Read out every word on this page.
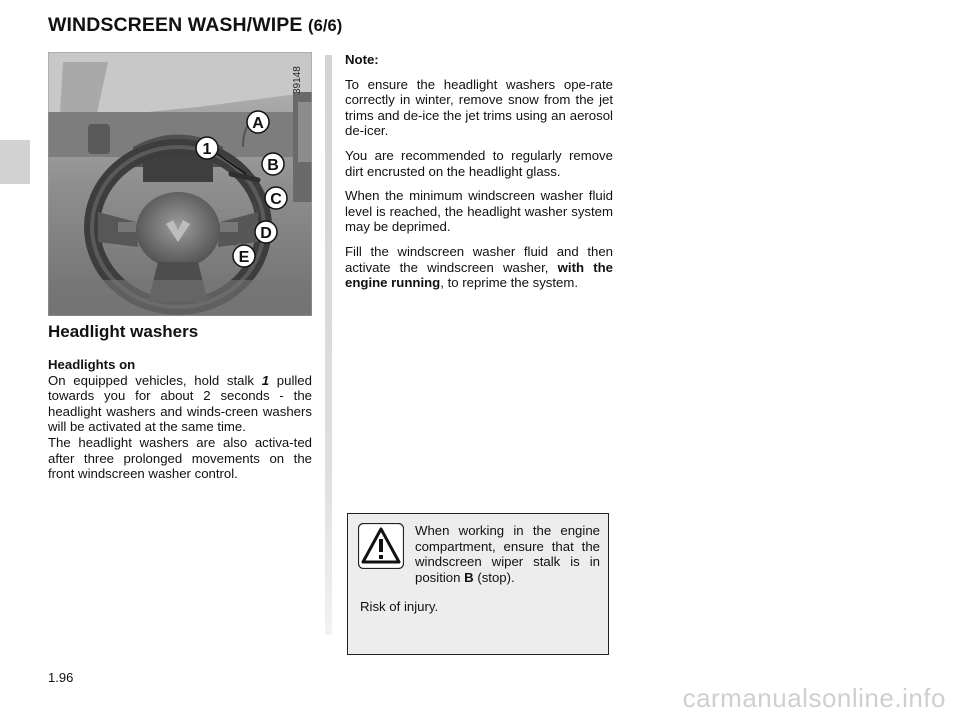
WINDSCREEN WASH/WIPE (6/6)
39148
1
A
B
C
D
E
Headlight washers

Headlights on

On equipped vehicles, hold stalk 1 pulled towards you for about 2 seconds - the headlight washers and winds-creen washers will be activated at the same time.

The headlight washers are also activa-ted after three prolonged movements on the front windscreen washer control.

Note:

To ensure the headlight washers ope-rate correctly in winter, remove snow from the jet trims and de-ice the jet trims using an aerosol de-icer.

You are recommended to regularly remove dirt encrusted on the headlight glass.

When the minimum windscreen washer fluid level is reached, the headlight washer system may be deprimed.

Fill the windscreen washer fluid and then activate the windscreen washer, with the engine running, to reprime the system.

When working in the engine compartment, ensure that the windscreen wiper stalk is in position B (stop).

Risk of injury.

1.96
carmanualsonline.info
